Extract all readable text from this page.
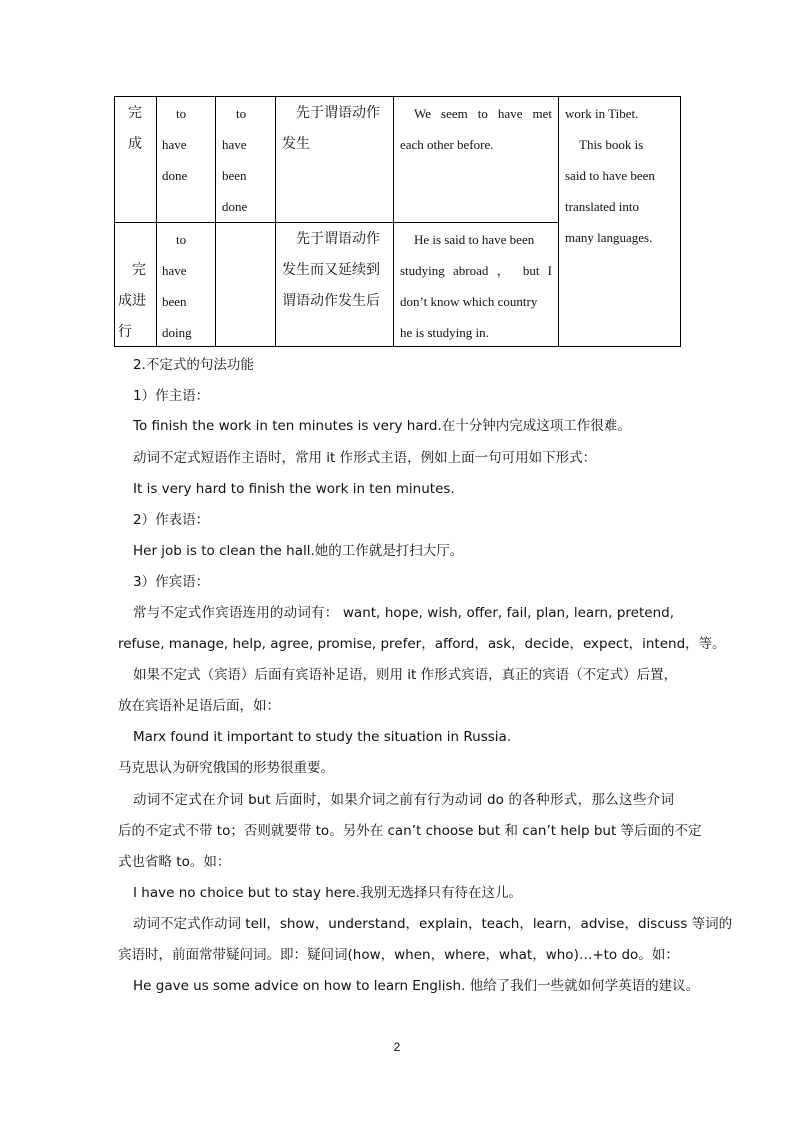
完
成
to
have
done
to
have
been
done
先于谓语动作
发生
We seem to have met
each other before.

完
成进
行
to
have
been
doing
先于谓语动作
发生而又延续到
谓语动作发生后
He is said to have been
studying abroad ， but I
don’t know which country
he is studying in.
work in Tibet.
This book is
said to have been
translated into
many languages.
2.不定式的句法功能
1）作主语：
To finish the work in ten minutes is very hard.在十分钟内完成这项工作很难。
动词不定式短语作主语时，常用 it 作形式主语，例如上面一句可用如下形式：
It is very hard to finish the work in ten minutes.
2）作表语：
Her job is to clean the hall.她的工作就是打扫大厅。
3）作宾语：
常与不定式作宾语连用的动词有： want, hope, wish, offer, fail, plan, learn, pretend,
refuse, manage, help, agree, promise, prefer，afford，ask，decide，expect，intend，等。
如果不定式（宾语）后面有宾语补足语，则用 it 作形式宾语，真正的宾语（不定式）后置，
放在宾语补足语后面，如：
Marx found it important to study the situation in Russia.
马克思认为研究俄国的形势很重要。
动词不定式在介词 but 后面时，如果介词之前有行为动词 do 的各种形式，那么这些介词
后的不定式不带 to；否则就要带 to。另外在 can’t choose but 和 can’t help but 等后面的不定
式也省略 to。如：
I have no choice but to stay here.我别无选择只有待在这儿。
动词不定式作动词 tell，show，understand，explain，teach，learn，advise，discuss 等词的
宾语时，前面常带疑问词。即：疑问词(how，when，where，what，who)…+to do。如：
He gave us some advice on how to learn English. 他给了我们一些就如何学英语的建议。
2
